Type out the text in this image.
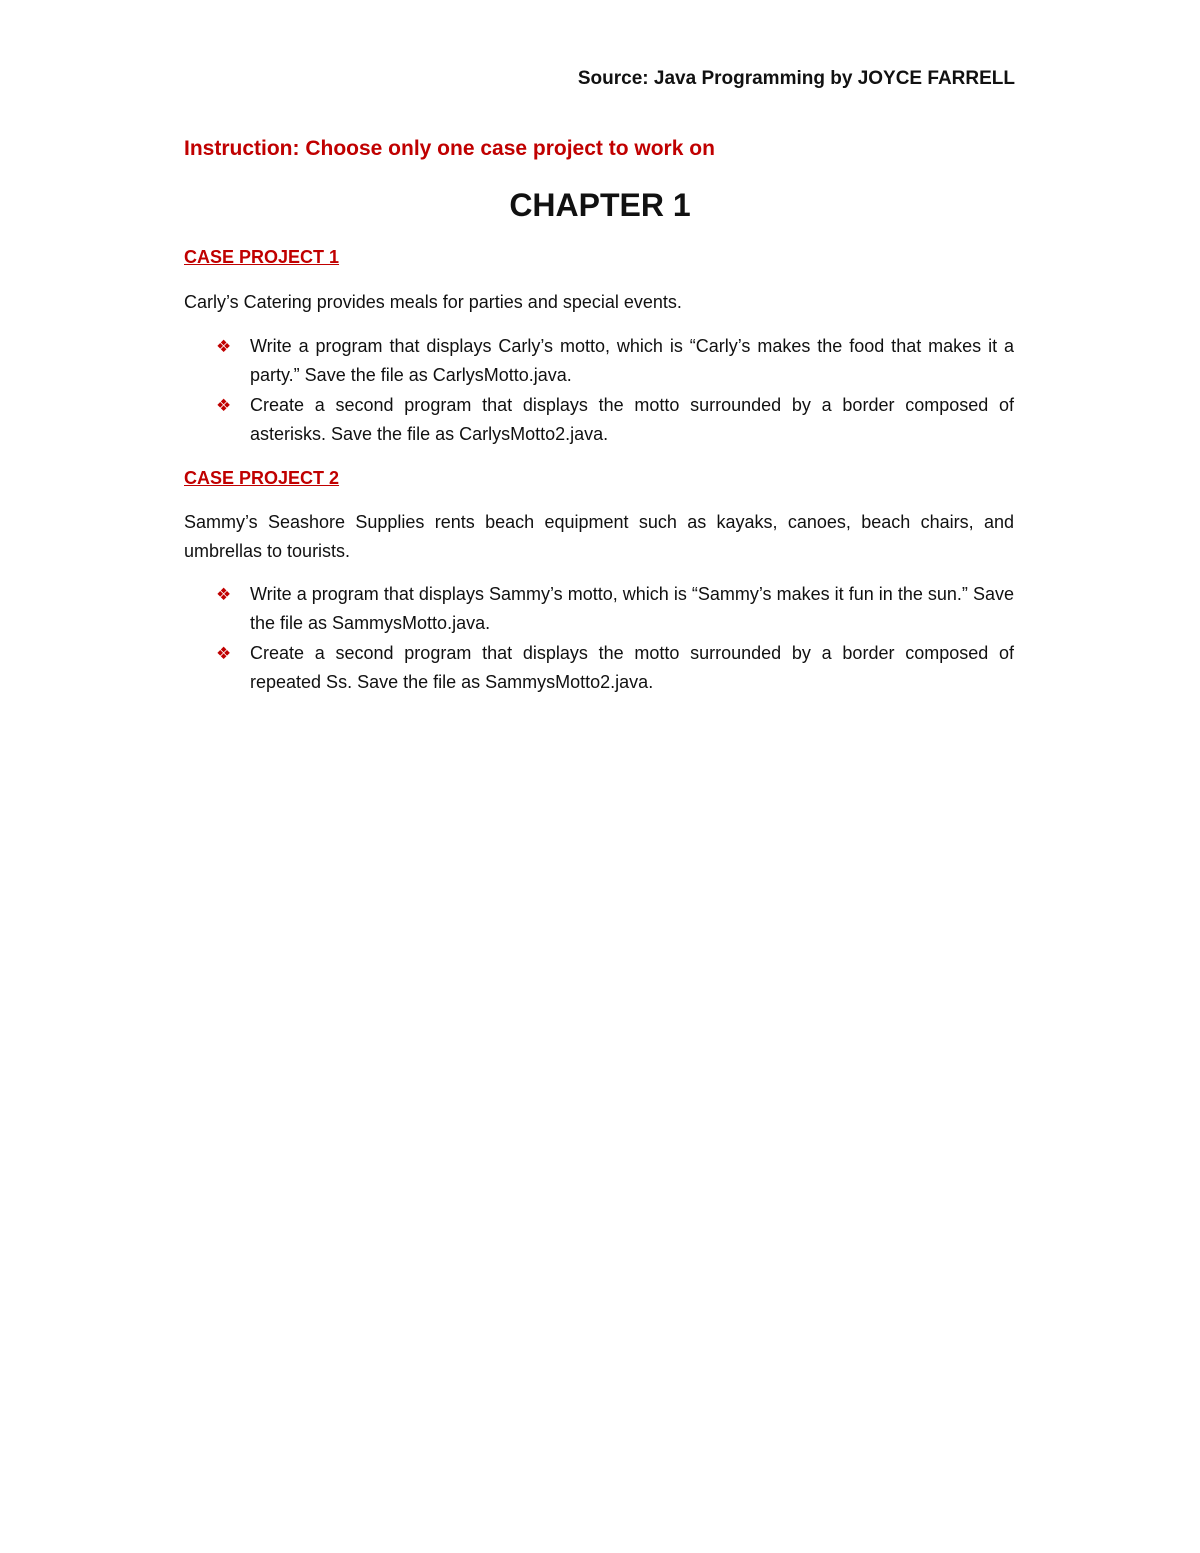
Source: Java Programming by JOYCE FARRELL
Instruction: Choose only one case project to work on
CHAPTER 1
CASE PROJECT 1
Carly’s Catering provides meals for parties and special events.
❖ Write a program that displays Carly’s motto, which is “Carly’s makes the food that makes it a party.” Save the file as CarlysMotto.java.
❖ Create a second program that displays the motto surrounded by a border composed of asterisks. Save the file as CarlysMotto2.java.
CASE PROJECT 2
Sammy’s Seashore Supplies rents beach equipment such as kayaks, canoes, beach chairs, and umbrellas to tourists.
❖ Write a program that displays Sammy’s motto, which is “Sammy’s makes it fun in the sun.” Save the file as SammysMotto.java.
❖ Create a second program that displays the motto surrounded by a border composed of repeated Ss. Save the file as SammysMotto2.java.
